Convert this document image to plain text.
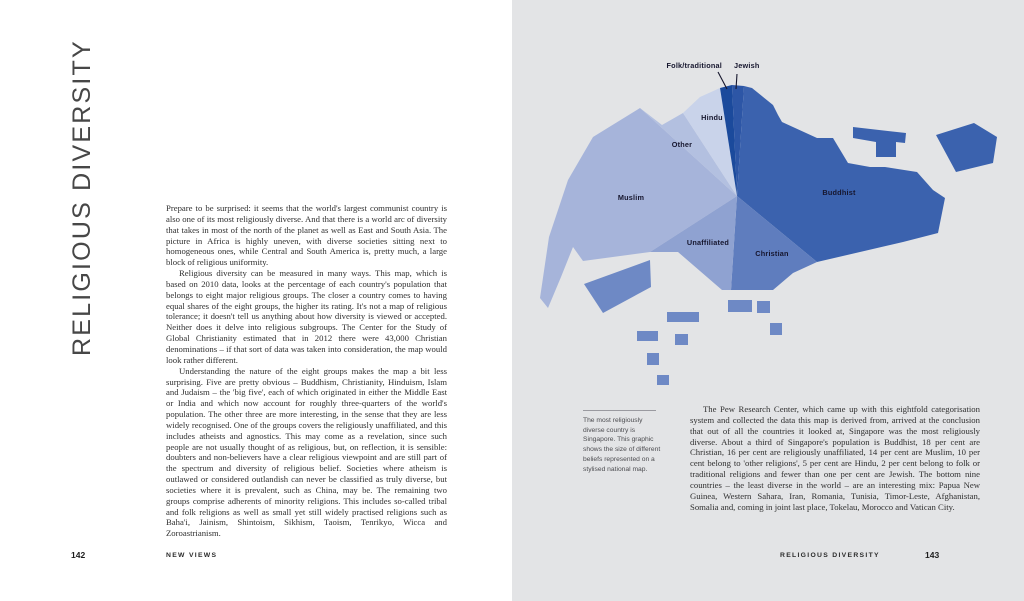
RELIGIOUS DIVERSITY	Prepare to be surprised: it seems that the world's largest communist country is also one of its most religiously diverse. And that there is a world arc of diversity that takes in most of the north of the planet as well as East and South Asia. The picture in Africa is highly uneven, with diverse societies sitting next to homogeneous ones, while Central and South America is, pretty much, a large block of religious uniformity.

Religious diversity can be measured in many ways. This map, which is based on 2010 data, looks at the percentage of each country's population that belongs to eight major religious groups. The closer a country comes to having equal shares of the eight groups, the higher its rating. It's not a map of religious tolerance; it doesn't tell us anything about how diversity is viewed or accepted. Neither does it delve into religious subgroups. The Center for the Study of Global Christianity estimated that in 2012 there were 43,000 Christian denominations – if that sort of data was taken into consideration, the map would look rather different.

Understanding the nature of the eight groups makes the map a bit less surprising. Five are pretty obvious – Buddhism, Christianity, Hinduism, Islam and Judaism – the 'big five', each of which originated in either the Middle East or India and which now account for roughly three-quarters of the world's population. The other three are more interesting, in the sense that they are less widely recognised. One of the groups covers the religiously unaffiliated, and this includes atheists and agnostics. This may come as a revelation, since such people are not usually thought of as religious, but, on reflection, it is sensible: doubters and non-believers have a clear religious viewpoint and are still part of the spectrum and diversity of religious belief. Societies where atheism is outlawed or considered outlandish can never be classified as truly diverse, but societies where it is prevalent, such as China, may be. The remaining two groups comprise adherents of minority religions. This includes so-called tribal and folk religions as well as small yet still widely practised religions such as Baha'i, Jainism, Shintoism, Sikhism, Taoism, Tenrikyo, Wicca and Zoroastrianism.

142	NEW VIEWS
Folk/traditional Jewish
Hindu
Other
Muslim
Unaffiliated
Christian
Buddhist
The most religiously diverse country is Singapore. This graphic shows the size of different beliefs represented on a stylised national map.

The Pew Research Center, which came up with this eightfold categorisation system and collected the data this map is derived from, arrived at the conclusion that out of all the countries it looked at, Singapore was the most religiously diverse. About a third of Singapore's population is Buddhist, 18 per cent are Christian, 16 per cent are religiously unaffiliated, 14 per cent are Muslim, 10 per cent belong to 'other religions', 5 per cent are Hindu, 2 per cent belong to folk or traditional religions and fewer than one per cent are Jewish. The bottom nine countries – the least diverse in the world – are an interesting mix: Papua New Guinea, Western Sahara, Iran, Romania, Tunisia, Timor-Leste, Afghanistan, Somalia and, coming in joint last place, Tokelau, Morocco and Vatican City.

RELIGIOUS DIVERSITY	143
